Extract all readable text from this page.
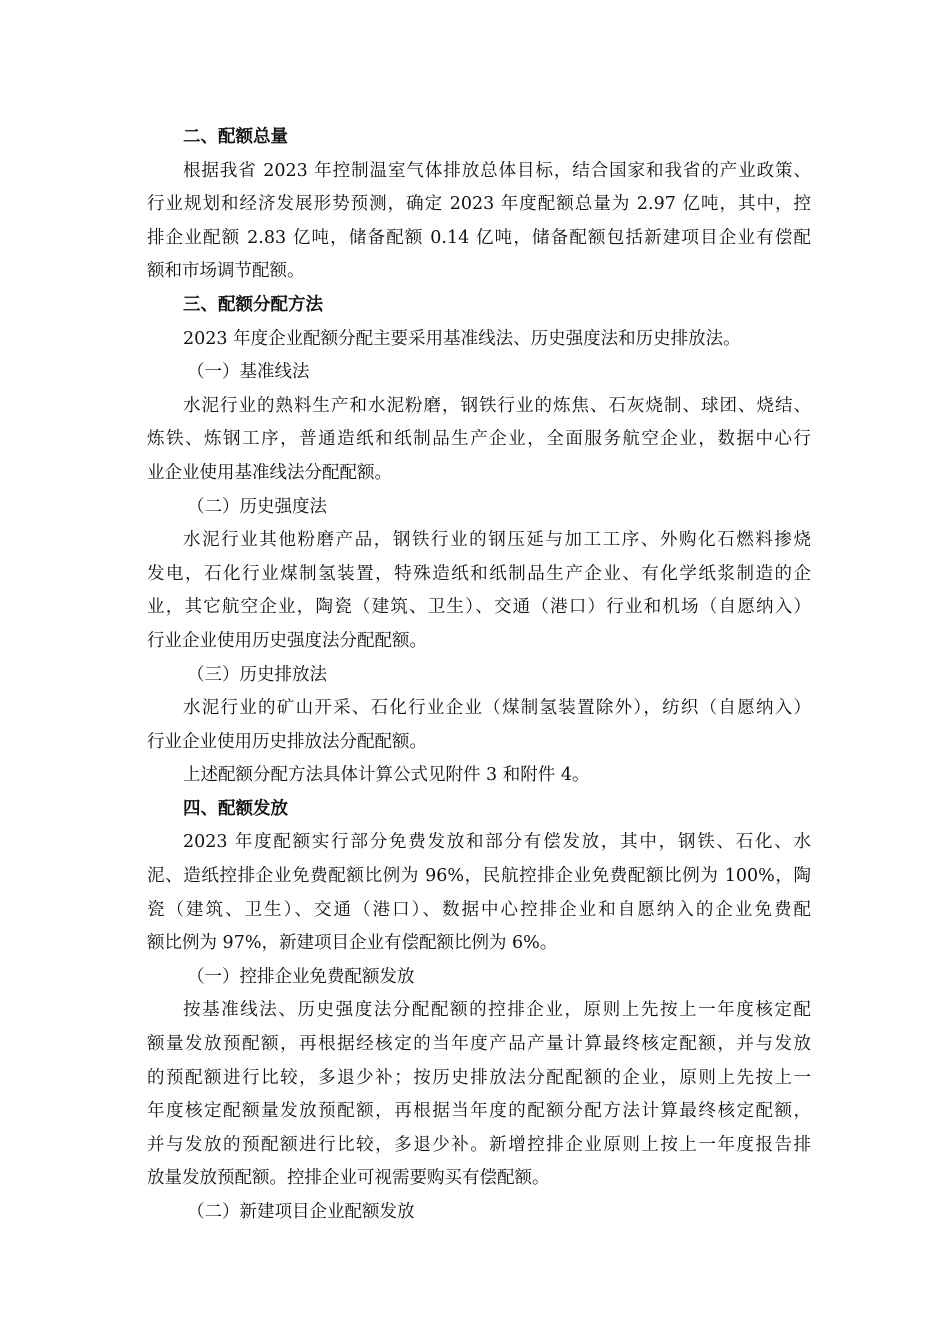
二、配额总量
根据我省 2023 年控制温室气体排放总体目标，结合国家和我省的产业政策、
行业规划和经济发展形势预测，确定 2023 年度配额总量为 2.97 亿吨，其中，控
排企业配额 2.83 亿吨，储备配额 0.14 亿吨，储备配额包括新建项目企业有偿配
额和市场调节配额。
三、配额分配方法
2023 年度企业配额分配主要采用基准线法、历史强度法和历史排放法。
（一）基准线法
水泥行业的熟料生产和水泥粉磨，钢铁行业的炼焦、石灰烧制、球团、烧结、
炼铁、炼钢工序，普通造纸和纸制品生产企业，全面服务航空企业，数据中心行
业企业使用基准线法分配配额。
（二）历史强度法
水泥行业其他粉磨产品，钢铁行业的钢压延与加工工序、外购化石燃料掺烧
发电，石化行业煤制氢装置，特殊造纸和纸制品生产企业、有化学纸浆制造的企
业，其它航空企业，陶瓷（建筑、卫生）、交通（港口）行业和机场（自愿纳入）
行业企业使用历史强度法分配配额。
（三）历史排放法
水泥行业的矿山开采、石化行业企业（煤制氢装置除外），纺织（自愿纳入）
行业企业使用历史排放法分配配额。
上述配额分配方法具体计算公式见附件 3 和附件 4。
四、配额发放
2023 年度配额实行部分免费发放和部分有偿发放，其中，钢铁、石化、水
泥、造纸控排企业免费配额比例为 96%，民航控排企业免费配额比例为 100%，陶
瓷（建筑、卫生）、交通（港口）、数据中心控排企业和自愿纳入的企业免费配
额比例为 97%，新建项目企业有偿配额比例为 6%。
（一）控排企业免费配额发放
按基准线法、历史强度法分配配额的控排企业，原则上先按上一年度核定配
额量发放预配额，再根据经核定的当年度产品产量计算最终核定配额，并与发放
的预配额进行比较，多退少补；按历史排放法分配配额的企业，原则上先按上一
年度核定配额量发放预配额，再根据当年度的配额分配方法计算最终核定配额，
并与发放的预配额进行比较，多退少补。新增控排企业原则上按上一年度报告排
放量发放预配额。控排企业可视需要购买有偿配额。
（二）新建项目企业配额发放
